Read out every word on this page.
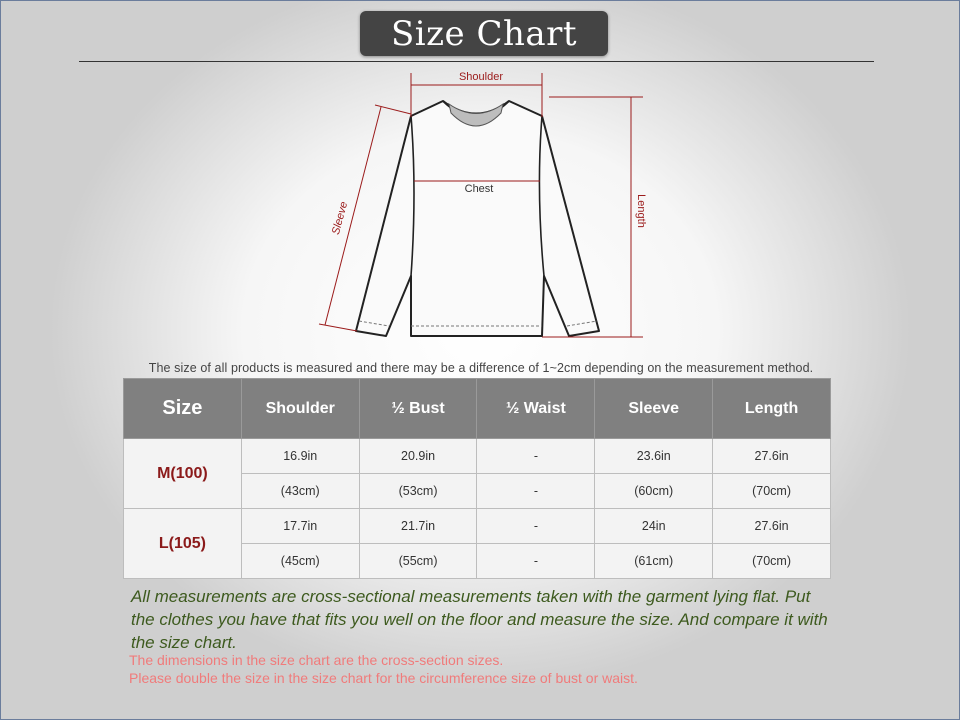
Size Chart
Shoulder
Chest
Sleeve	Length
The size of all products is measured and there may be a difference of 1~2cm depending on the measurement method.
Size	Shoulder	½ Bust	½ Waist	Sleeve	Length
M(100)	16.9in	20.9in	-	23.6in	27.6in
	(43cm)	(53cm)	-	(60cm)	(70cm)
L(105)	17.7in	21.7in	-	24in	27.6in
	(45cm)	(55cm)	-	(61cm)	(70cm)
All measurements are cross-sectional measurements taken with the garment lying flat. Put the clothes you have that fits you well on the floor and measure the size. And compare it with the size chart.
The dimensions in the size chart are the cross-section sizes.
Please double the size in the size chart for the circumference size of bust or waist.
